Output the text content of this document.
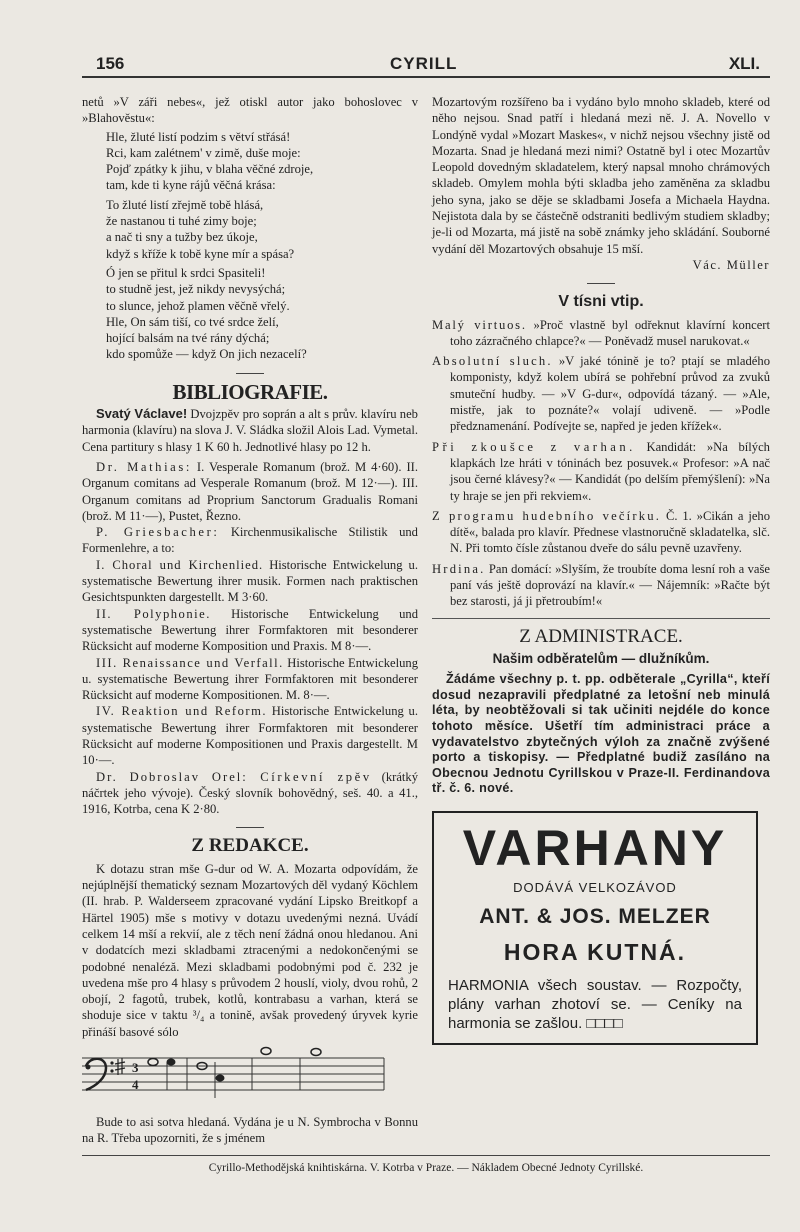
156	CYRILL	XLI.

netů »V záři nebes«, jež otiskl autor jako bohoslovec v »Blahověstu«:

Hle, žluté listí podzim s větví střásá!
Rci, kam zalétnem' v zimě, duše moje:
Pojď zpátky k jihu, v blaha věčné zdroje,
tam, kde ti kyne rájů věčná krása:
To žluté listí zřejmě tobě hlásá,
že nastanou ti tuhé zimy boje;
a nač ti sny a tužby bez úkoje,
když s kříže k tobě kyne mír a spása?
Ó jen se přitul k srdci Spasiteli!
to studně jest, jež nikdy nevysýchá;
to slunce, jehož plamen věčně vřelý.
Hle, On sám tiší, co tvé srdce želí,
hojící balsám na tvé rány dýchá;
kdo spomůže — když On jich nezacelí?
BIBLIOGRAFIE.

Svatý Václave! Dvojzpěv pro soprán a alt s prův. klavíru neb harmonia (klavíru) na slova J. V. Sládka složil Alois Lad. Vymetal. Cena partitury s hlasy 1 K 60 h. Jednotlivé hlasy po 12 h.

Dr. Mathias: I. Vesperale Romanum (brož. M 4·60). II. Organum comitans ad Vesperale Romanum (brož. M 12·—). III. Organum comitans ad Proprium Sanctorum Gradualis Romani (brož. M 11·—), Pustet, Řezno.

P. Griesbacher: Kirchenmusikalische Stilistik und Formenlehre, a to:

I. Choral und Kirchenlied. Historische Entwickelung u. systematische Bewertung ihrer musik. Formen nach praktischen Gesichtspunkten dargestellt. M 3·60.

II. Polyphonie. Historische Entwickelung und systematische Bewertung ihrer Formfaktoren mit besonderer Rücksicht auf moderne Komposition und Praxis. M 8·—.

III. Renaissance und Verfall. Historische Entwickelung u. systematische Bewertung ihrer Formfaktoren mit besonderer Rücksicht auf moderne Kompositionen. M. 8·—.

IV. Reaktion und Reform. Historische Entwickelung u. systematische Bewertung ihrer Formfaktoren mit besonderer Rücksicht auf moderne Kompositionen und Praxis dargestellt. M 10·—.

Dr. Dobroslav Orel: Církevní zpěv (krátký náčrtek jeho vývoje). Český slovník bohovědný, seš. 40. a 41., 1916, Kotrba, cena K 2·80.

Z REDAKCE.

K dotazu stran mše G-dur od W. A. Mozarta odpovídám, že nejúplnější thematický seznam Mozartových děl vydaný Köchlem (II. hrab. P. Walderseem zpracované vydání Lipsko Breitkopf a Härtel 1905) mše s motivy v dotazu uvedenými nezná. Uvádí celkem 14 mší a rekvií, ale z těch není žádná onou hledanou. Ani v dodatcích mezi skladbami ztracenými a nedokončenými se podobné nenaléză. Mezi skladbami podobnými pod č. 232 je uvedena mše pro 4 hlasy s průvodem 2 houslí, violy, dvou rohů, 2 obojí, 2 fagotů, trubek, kotlů, kontrabasu a varhan, která se shoduje sice v taktu ³/₄ a tonině, avšak provedený úryvek kyrie přináší basové sólo

3
4

Bude to asi sotva hledaná. Vydána je u N. Symbrocha v Bonnu na R. Třeba upozorniti, že s jménem

Mozartovým rozšířeno ba i vydáno bylo mnoho skladeb, které od něho nejsou. Snad patří i hledaná mezi ně. J. A. Novello v Londýně vydal »Mozart Maskes«, v nichž nejsou všechny jistě od Mozarta. Snad je hledaná mezi nimi? Ostatně byl i otec Mozartův Leopold dovedným skladatelem, který napsal mnoho chrámových skladeb. Omylem mohla býti skladba jeho zaměněna za skladbu jeho syna, jako se děje se skladbami Josefa a Michaela Haydna. Nejistota dala by se částečně odstraniti bedlivým studiem skladby; je-li od Mozarta, má jistě na sobě známky jeho skládání. Souborné vydání děl Mozartových obsahuje 15 mší.

Vác. Müller
V tísni vtip.

Malý virtuos. »Proč vlastně byl odřeknut klavírní koncert toho zázračného chlapce?« — Poněvadž musel narukovat.«

Absolutní sluch. »V jaké tónině je to? ptají se mladého komponisty, když kolem ubírá se pohřební průvod za zvuků smuteční hudby. — »V G-dur«, odpovídá tázaný. — »Ale, mistře, jak to poznáte?« volají udiveně. — »Podle předznamenání. Podívejte se, napřed je jeden křížek«.

Při zkoušce z varhan. Kandidát: »Na bílých klapkách lze hráti v tóninách bez posuvek.« Profesor: »A nač jsou černé klávesy?« — Kandidát (po delším přemýšlení): »Na ty hraje se jen při rekviem«.

Z programu hudebního večírku. Č. 1. »Cikán a jeho dítě«, balada pro klavír. Přednese vlastnoručně skladatelka, slč. N. Při tomto čísle zůstanou dveře do sálu pevně uzavřeny.

Hrdina. Pan domácí: »Slyším, že troubíte doma lesní roh a vaše paní vás ještě doprovází na klavír.« — Nájemník: »Račte být bez starosti, já ji přetroubím!«

Z ADMINISTRACE.
Našim odběratelům — dlužníkům.

Žádáme všechny p. t. pp. odběterale „Cyrilla“, kteří dosud nezapravili předplatné za letošní neb minulá léta, by neobtěžovali si tak učiniti nejdéle do konce tohoto měsíce. Ušetří tím administraci práce a vydavatelstvo zbytečných výloh za značně zvýšené porto a tiskopisy. — Předplatné budiž zasíláno na Obecnou Jednotu Cyrillskou v Praze-II. Ferdinandova tř. č. 6. nové.

VARHANY
DODÁVÁ VELKOZÁVOD
ANT. & JOS. MELZER
HORA KUTNÁ.
HARMONIA všech soustav. — Rozpočty, plány varhan zhotoví se. — Ceníky na harmonia se zašlou. □□□□
Cyrillo-Methodějská knihtiskárna. V. Kotrba v Praze. — Nákladem Obecné Jednoty Cyrillské.
